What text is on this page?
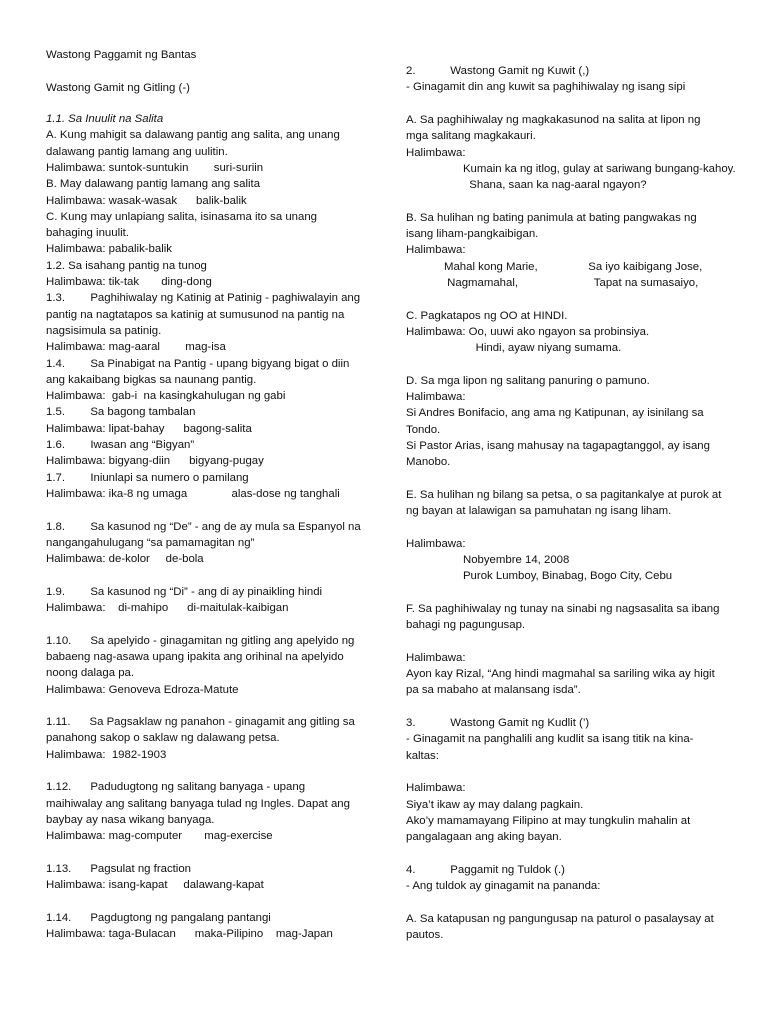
Wastong Paggamit ng Bantas
Wastong Gamit ng Gitling (-)
1.1. Sa Inuulit na Salita
A. Kung mahigit sa dalawang pantig ang salita, ang unang
dalawang pantig lamang ang uulitin.
Halimbawa: suntok-suntukin        suri-suriin
B. May dalawang pantig lamang ang salita
Halimbawa: wasak-wasak      balik-balik
C. Kung may unlapiang salita, isinasama ito sa unang
bahaging inuulit.
Halimbawa: pabalik-balik
1.2. Sa isahang pantig na tunog
Halimbawa: tik-tak       ding-dong
1.3.        Paghihiwalay ng Katinig at Patinig - paghiwalayin ang
pantig na nagtatapos sa katinig at sumusunod na pantig na
nagsisimula sa patinig.
Halimbawa: mag-aaral        mag-isa
1.4.        Sa Pinabigat na Pantig - upang bigyang bigat o diin
ang kakaibang bigkas sa naunang pantig.
Halimbawa:  gab-i  na kasingkahulugan ng gabi
1.5.        Sa bagong tambalan
Halimbawa: lipat-bahay      bagong-salita
1.6.        Iwasan ang “Bigyan”
Halimbawa: bigyang-diin      bigyang-pugay
1.7.        Iniunlapi sa numero o pamilang
Halimbawa: ika-8 ng umaga              alas-dose ng tanghali
1.8.        Sa kasunod ng “De” - ang de ay mula sa Espanyol na
nangangahulugang “sa pamamagitan ng”
Halimbawa: de-kolor     de-bola
1.9.        Sa kasunod ng “Di” - ang di ay pinaikling hindi
Halimbawa:    di-mahipo      di-maitulak-kaibigan
1.10.      Sa apelyido - ginagamitan ng gitling ang apelyido ng
babaeng nag-asawa upang ipakita ang orihinal na apelyido
noong dalaga pa.
Halimbawa: Genoveva Edroza-Matute
1.11.      Sa Pagsaklaw ng panahon - ginagamit ang gitling sa
panahong sakop o saklaw ng dalawang petsa.
Halimbawa:  1982-1903
1.12.      Padudugtong ng salitang banyaga - upang
maihiwalay ang salitang banyaga tulad ng Ingles. Dapat ang
baybay ay nasa wikang banyaga.
Halimbawa: mag-computer       mag-exercise
1.13.      Pagsulat ng fraction
Halimbawa: isang-kapat     dalawang-kapat
1.14.      Pagdugtong ng pangalang pantangi
Halimbawa: taga-Bulacan      maka-Pilipino    mag-Japan
2.           Wastong Gamit ng Kuwit (,)
- Ginagamit din ang kuwit sa paghihiwalay ng isang sipi
A. Sa paghihiwalay ng magkakasunod na salita at lipon ng
mga salitang magkakauri.
Halimbawa:
Kumain ka ng itlog, gulay at sariwang bungang-kahoy.
Shana, saan ka nag-aaral ngayon?
B. Sa hulihan ng bating panimula at bating pangwakas ng
isang liham-pangkaibigan.
Halimbawa:
Mahal kong Marie,                Sa iyo kaibigang Jose,
Nagmamahal,                        Tapat na sumasaiyo,
C. Pagkatapos ng OO at HINDI.
Halimbawa: Oo, uuwi ako ngayon sa probinsiya.
Hindi, ayaw niyang sumama.
D. Sa mga lipon ng salitang panuring o pamuno.
Halimbawa:
Si Andres Bonifacio, ang ama ng Katipunan, ay isinilang sa
Tondo.
Si Pastor Arias, isang mahusay na tagapagtanggol, ay isang
Manobo.
E. Sa hulihan ng bilang sa petsa, o sa pagitankalye at purok at
ng bayan at lalawigan sa pamuhatan ng isang liham.
Halimbawa:
Nobyembre 14, 2008
Purok Lumboy, Binabag, Bogo City, Cebu
F. Sa paghihiwalay ng tunay na sinabi ng nagsasalita sa ibang
bahagi ng pagungusap.
Halimbawa:
Ayon kay Rizal, “Ang hindi magmahal sa sariling wika ay higit
pa sa mabaho at malansang isda”.
3.           Wastong Gamit ng Kudlit (’)
- Ginagamit na panghalili ang kudlit sa isang titik na kina-
kaltas:
Halimbawa:
Siya’t ikaw ay may dalang pagkain.
Ako’y mamamayang Filipino at may tungkulin mahalin at
pangalagaan ang aking bayan.
4.           Paggamit ng Tuldok (.)
- Ang tuldok ay ginagamit na pananda:
A. Sa katapusan ng pangungusap na paturol o pasalaysay at
pautos.
